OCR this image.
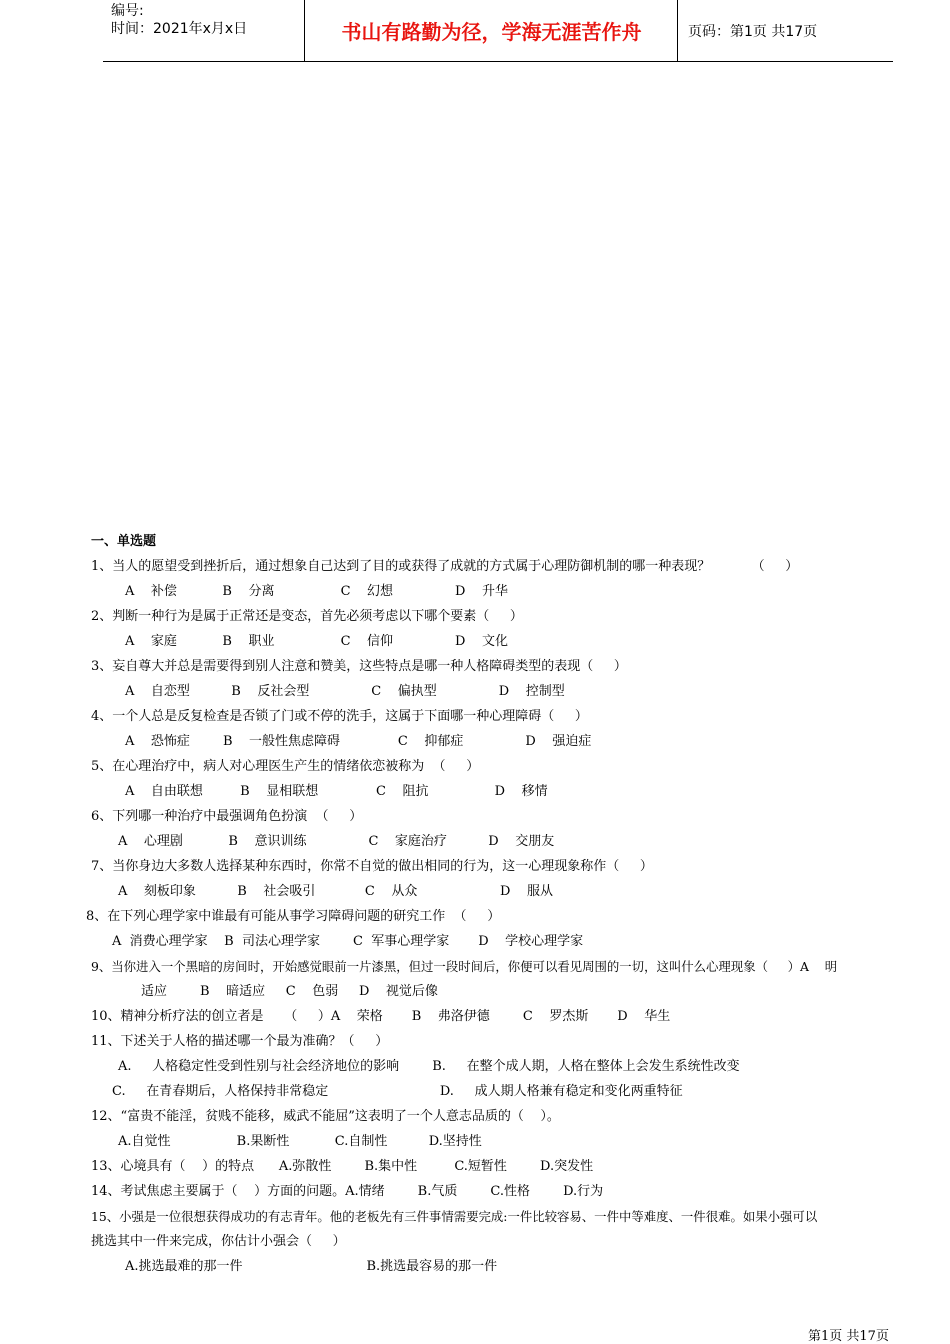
编号:
时间：2021年x月x日	书山有路勤为径，学海无涯苦作舟	页码：第1页 共17页
一、单选题
1、当人的愿望受到挫折后，通过想象自己达到了目的或获得了成就的方式属于心理防御机制的哪一种表现？          （     ）
A    补偿           B    分离                C    幻想               D    升华
2、判断一种行为是属于正常还是变态，首先必须考虑以下哪个要素（     ）
A    家庭           B    职业                C    信仰               D    文化
3、妄自尊大并总是需要得到别人注意和赞美，这些特点是哪一种人格障碍类型的表现（     ）
A    自恋型          B    反社会型               C    偏执型               D    控制型
4、一个人总是反复检查是否锁了门或不停的洗手，这属于下面哪一种心理障碍（     ）
A    恐怖症        B    一般性焦虑障碍              C    抑郁症               D    强迫症
5、在心理治疗中，病人对心理医生产生的情绪依恋被称为  （     ）
A    自由联想         B    显相联想              C    阻抗                D    移情
6、下列哪一种治疗中最强调角色扮演  （     ）
A    心理剧           B    意识训练               C    家庭治疗          D    交朋友
7、当你身边大多数人选择某种东西时，你常不自觉的做出相同的行为，这一心理现象称作（     ）
A    刻板印象          B    社会吸引            C    从众                    D    服从
8、在下列心理学家中谁最有可能从事学习障碍问题的研究工作  （     ）
A  消费心理学家    B  司法心理学家        C  军事心理学家       D    学校心理学家
9、当你进入一个黑暗的房间时，开始感觉眼前一片漆黑，但过一段时间后，你便可以看见周围的一切，这叫什么心理现象（     ）A    明
适应        B    暗适应     C    色弱     D    视觉后像
10、精神分析疗法的创立者是     （     ）A    荣格       B    弗洛伊德        C    罗杰斯       D    华生
11、下述关于人格的描述哪一个最为准确？（     ）
A.     人格稳定性受到性别与社会经济地位的影响        B.     在整个成人期，人格在整体上会发生系统性改变
C.     在青春期后，人格保持非常稳定                           D.     成人期人格兼有稳定和变化两重特征
12、“富贵不能淫，贫贱不能移，威武不能屈”这表明了一个人意志品质的（    ）。
A.自觉性                B.果断性           C.自制性          D.坚持性
13、心境具有（    ）的特点      A.弥散性        B.集中性         C.短暂性        D.突发性
14、考试焦虑主要属于（    ）方面的问题。A.情绪        B.气质        C.性格        D.行为
15、小强是一位很想获得成功的有志青年。他的老板先有三件事情需要完成:一件比较容易、一件中等难度、一件很难。如果小强可以
挑选其中一件来完成，你估计小强会（     ）
A.挑选最难的那一件                              B.挑选最容易的那一件
第1页 共17页
